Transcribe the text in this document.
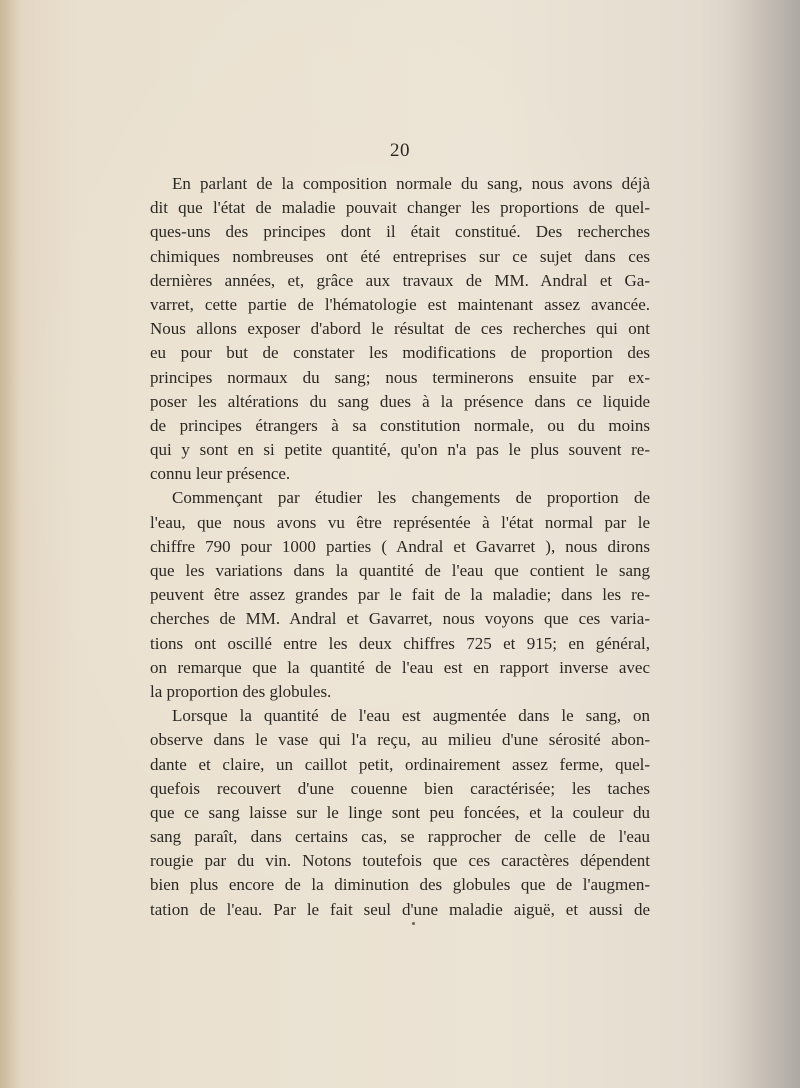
20
En parlant de la composition normale du sang, nous avons déjà
dit que l'état de maladie pouvait changer les proportions de quel-
ques-uns des principes dont il était constitué. Des recherches
chimiques nombreuses ont été entreprises sur ce sujet dans ces
dernières années, et, grâce aux travaux de MM. Andral et Ga-
varret, cette partie de l'hématologie est maintenant assez avancée.
Nous allons exposer d'abord le résultat de ces recherches qui ont
eu pour but de constater les modifications de proportion des
principes normaux du sang; nous terminerons ensuite par ex-
poser les altérations du sang dues à la présence dans ce liquide
de principes étrangers à sa constitution normale, ou du moins
qui y sont en si petite quantité, qu'on n'a pas le plus souvent re-
connu leur présence.
Commençant par étudier les changements de proportion de
l'eau, que nous avons vu être représentée à l'état normal par le
chiffre 790 pour 1000 parties ( Andral et Gavarret ), nous dirons
que les variations dans la quantité de l'eau que contient le sang
peuvent être assez grandes par le fait de la maladie; dans les re-
cherches de MM. Andral et Gavarret, nous voyons que ces varia-
tions ont oscillé entre les deux chiffres 725 et 915; en général,
on remarque que la quantité de l'eau est en rapport inverse avec
la proportion des globules.
Lorsque la quantité de l'eau est augmentée dans le sang, on
observe dans le vase qui l'a reçu, au milieu d'une sérosité abon-
dante et claire, un caillot petit, ordinairement assez ferme, quel-
quefois recouvert d'une couenne bien caractérisée; les taches
que ce sang laisse sur le linge sont peu foncées, et la couleur du
sang paraît, dans certains cas, se rapprocher de celle de l'eau
rougie par du vin. Notons toutefois que ces caractères dépendent
bien plus encore de la diminution des globules que de l'augmen-
tation de l'eau. Par le fait seul d'une maladie aiguë, et aussi de
